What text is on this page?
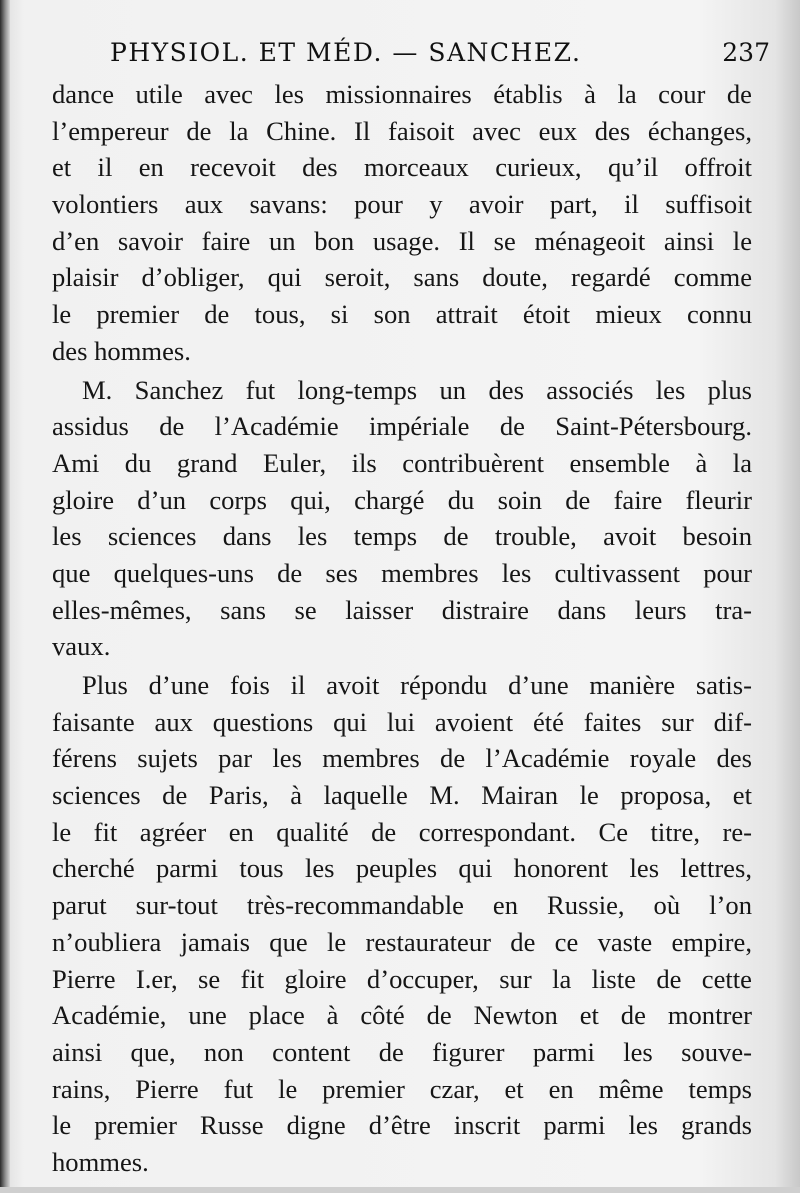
PHYSIOL. ET MÉD. — SANCHEZ.	237
dance utile avec les missionnaires établis à la cour de
l’empereur de la Chine. Il faisoit avec eux des échanges,
et il en recevoit des morceaux curieux, qu’il offroit
volontiers aux savans: pour y avoir part, il suffisoit
d’en savoir faire un bon usage. Il se ménageoit ainsi le
plaisir d’obliger, qui seroit, sans doute, regardé comme
le premier de tous, si son attrait étoit mieux connu
des hommes.
M. Sanchez fut long-temps un des associés les plus
assidus de l’Académie impériale de Saint-Pétersbourg.
Ami du grand Euler, ils contribuèrent ensemble à la
gloire d’un corps qui, chargé du soin de faire fleurir
les sciences dans les temps de trouble, avoit besoin
que quelques-uns de ses membres les cultivassent pour
elles-mêmes, sans se laisser distraire dans leurs tra-
vaux.
Plus d’une fois il avoit répondu d’une manière satis-
faisante aux questions qui lui avoient été faites sur dif-
férens sujets par les membres de l’Académie royale des
sciences de Paris, à laquelle M. Mairan le proposa, et
le fit agréer en qualité de correspondant. Ce titre, re-
cherché parmi tous les peuples qui honorent les lettres,
parut sur-tout très-recommandable en Russie, où l’on
n’oubliera jamais que le restaurateur de ce vaste empire,
Pierre I.er, se fit gloire d’occuper, sur la liste de cette
Académie, une place à côté de Newton et de montrer
ainsi que, non content de figurer parmi les souve-
rains, Pierre fut le premier czar, et en même temps
le premier Russe digne d’être inscrit parmi les grands
hommes.
